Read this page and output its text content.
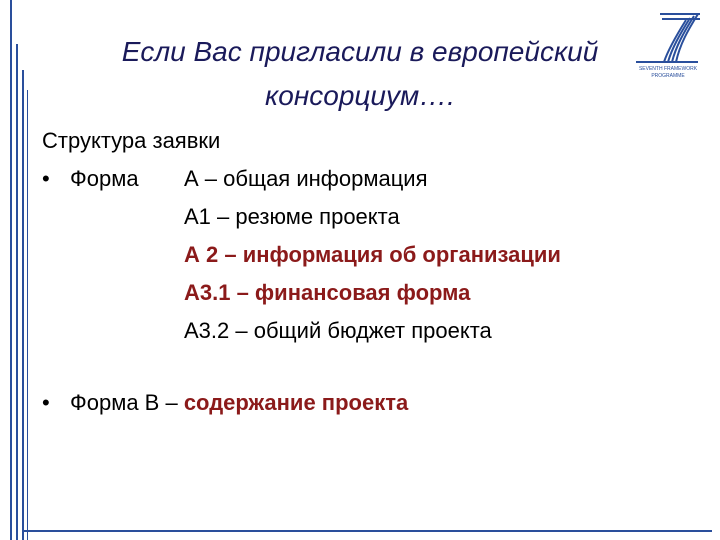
Если Вас пригласили в европейский
консорциум….
SEVENTH FRAMEWORK
PROGRAMME
Структура заявки
• Форма А – общая информация
А1 – резюме проекта
А 2 – информация об организации
А3.1 – финансовая форма
А3.2 – общий бюджет проекта
• Форма В – содержание проекта
